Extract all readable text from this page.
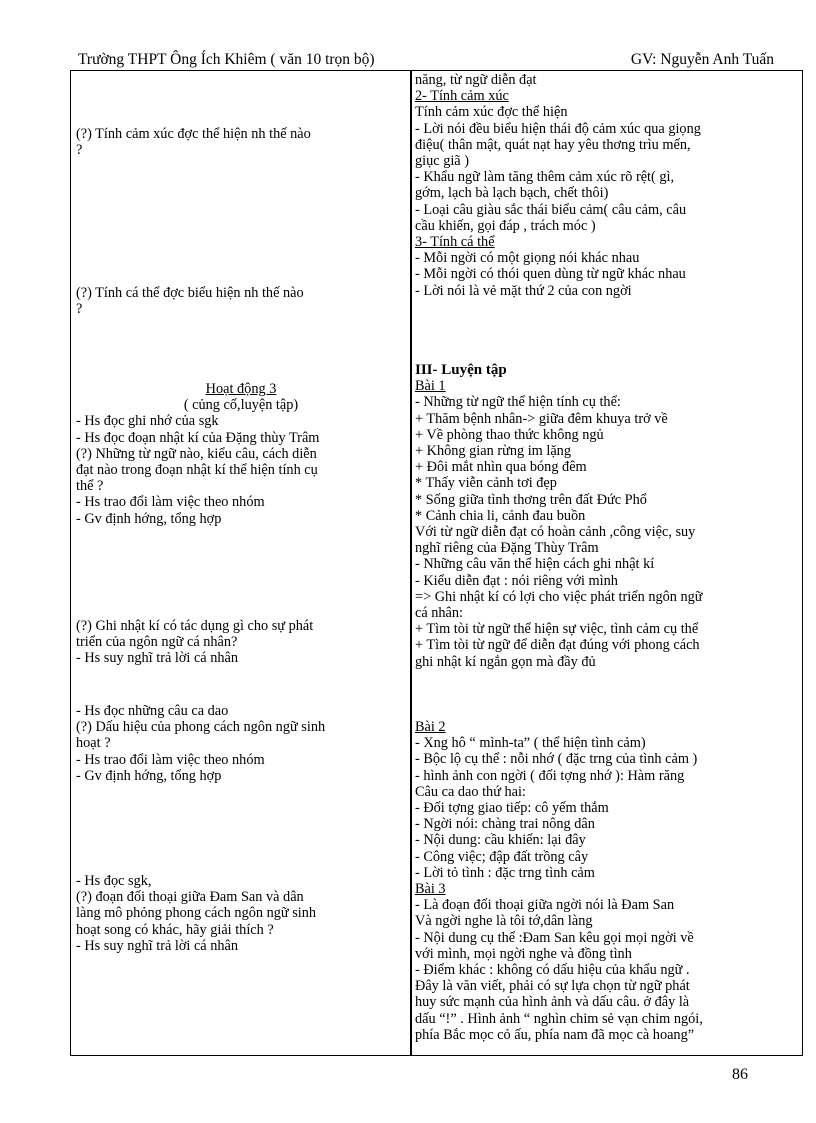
Trường THPT Ông Ích Khiêm ( văn 10 trọn bộ)	GV: Nguyễn Anh Tuấn

(?) Tính cảm xúc đợc thể hiện nh thế nào

?

(?) Tính cá thể đợc biểu hiện nh thế nào

?

Hoạt động 3

( củng cố,luyện tập)

- Hs đọc ghi nhớ của sgk

- Hs đọc đoạn nhật kí của Đặng thùy Trâm

(?) Những từ ngữ nào, kiểu câu, cách diễn

đạt nào trong đoạn nhật kí thể hiện tính cụ

thể ?

- Hs trao đổi làm việc theo nhóm

- Gv định hớng, tổng hợp

(?) Ghi nhật kí có tác dụng gì cho sự phát

triển của ngôn ngữ cá nhân?

- Hs suy nghĩ trả lời cá nhân

- Hs đọc những câu ca dao

(?) Dấu hiệu của phong cách ngôn ngữ sinh

hoạt ?

- Hs trao đổi làm việc theo nhóm

- Gv định hớng, tổng hợp

- Hs đọc sgk,

(?) đoạn đối thoại giữa Đam San và dân

làng mô phỏng phong cách ngôn ngữ sinh

hoạt song có khác, hãy giải thích ?

- Hs suy nghĩ trả lời cá nhân

năng, từ ngữ diễn đạt

2- Tính cảm xúc

Tính cảm xúc đợc thể hiện

- Lời nói đều biểu hiện thái độ cảm xúc qua giọng

điệu( thân mật, quát nạt hay yêu thơng trìu mến,

giục giã )

- Khẩu ngữ làm tăng thêm cảm xúc rõ rệt( gì,

gớm, lạch bà lạch bạch, chết thôi)

- Loại câu giàu sắc thái biểu cảm( câu cảm, câu

cầu khiến, gọi đáp , trách móc )

3- Tính cá thể

- Mỗi ngời có một giọng nói khác nhau

- Mỗi ngời có thói quen dùng từ ngữ khác nhau

- Lời nói là vẻ mặt thứ 2 của con ngời

III- Luyện tập

Bài 1

- Những từ ngữ thể hiện tính cụ thể:

+ Thăm bệnh nhân-> giữa đêm khuya trở về

+ Về phòng thao thức không ngủ

+ Không gian rừng im lặng

+ Đôi mắt nhìn qua bóng đêm

* Thấy viễn cảnh tơi đẹp

* Sống giữa tình thơng trên đất Đức Phổ

* Cảnh chia li, cảnh đau buồn

Với từ ngữ diễn đạt có hoàn cảnh ,công việc, suy

nghĩ riêng của Đặng Thùy Trâm

- Những câu văn thể hiện cách ghi nhật kí

- Kiểu diễn đạt : nói riêng với mình

=> Ghi nhật kí có lợi cho việc phát triển ngôn ngữ

cá nhân:

+ Tìm tòi từ ngữ thể hiện sự việc, tình cảm cụ thể

+ Tìm tòi từ ngữ để diễn đạt đúng với phong cách

ghi nhật kí ngắn gọn mà đầy đủ

Bài 2

- Xng hô “ mình-ta” ( thể hiện tình cảm)

- Bộc lộ cụ thể : nỗi nhớ ( đặc trng của tình cảm )

- hình ảnh con ngời ( đối tợng nhớ ): Hàm răng

Câu ca dao thứ hai:

- Đối tợng giao tiếp: cô yếm thắm

- Ngời nói: chàng trai nông dân

- Nội dung: cầu khiến: lại đây

- Công việc; đập đất trồng cây

- Lời tỏ tình : đặc trng tình cảm

Bài 3

- Là đoạn đối thoại giữa ngời nói là Đam San

Và ngời nghe là tôi tớ,dân làng

- Nội dung cụ thể :Đam San kêu gọi mọi ngời về

với mình, mọi ngời nghe và đồng tình

- Điểm khác : không có dấu hiệu của khẩu ngữ .

Đây là văn viết, phải có sự lựa chọn từ ngữ phát

huy sức mạnh của hình ảnh và dấu câu. ở đây là

dấu “!” . Hình ảnh “ nghìn chim sẻ vạn chim ngói,

phía Bắc mọc cỏ ấu, phía nam đã mọc cà hoang”

86
